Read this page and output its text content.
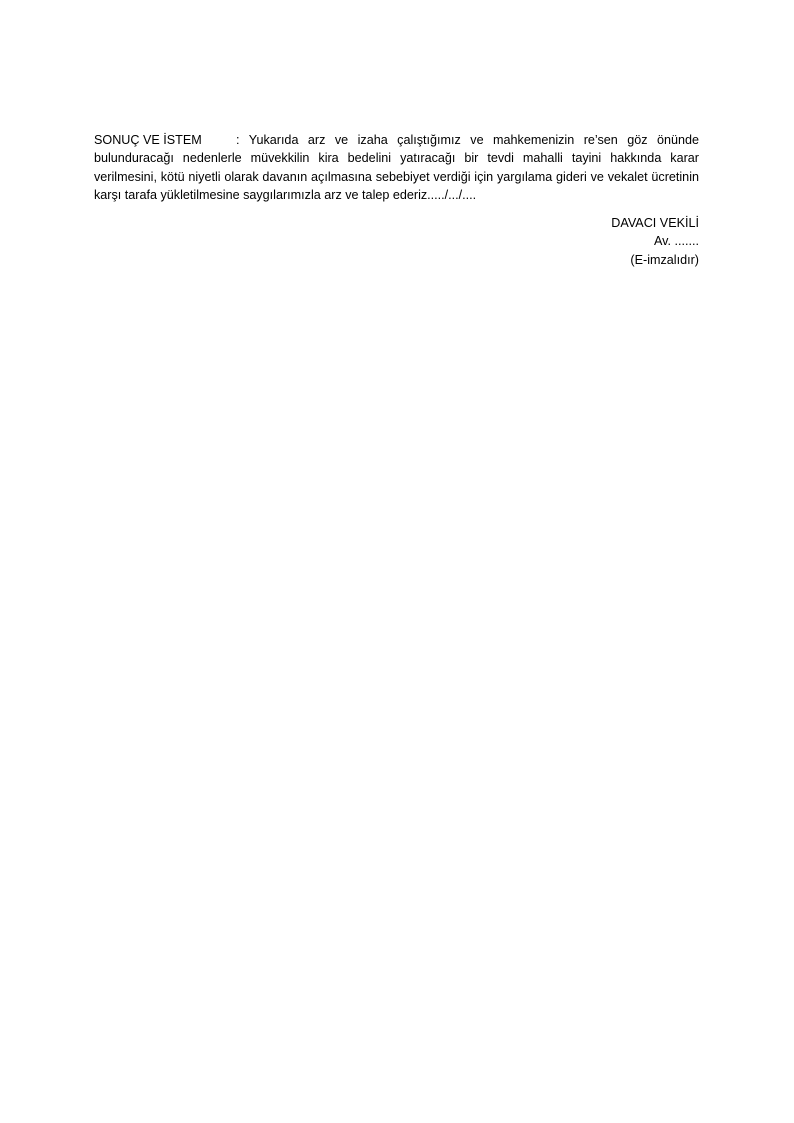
SONUÇ VE İSTEM	: Yukarıda arz ve izaha çalıştığımız ve mahkemenizin re’sen göz önünde bulunduracağı nedenlerle müvekkilin kira bedelini yatıracağı bir tevdi mahalli tayini hakkında karar verilmesini, kötü niyetli olarak davanın açılmasına sebebiyet verdiği için yargılama gideri ve vekalet ücretinin karşı tarafa yükletilmesine saygılarımızla arz ve talep ederiz...../.../....

DAVACI VEKİLİ
Av. .......
(E-imzalıdır)
